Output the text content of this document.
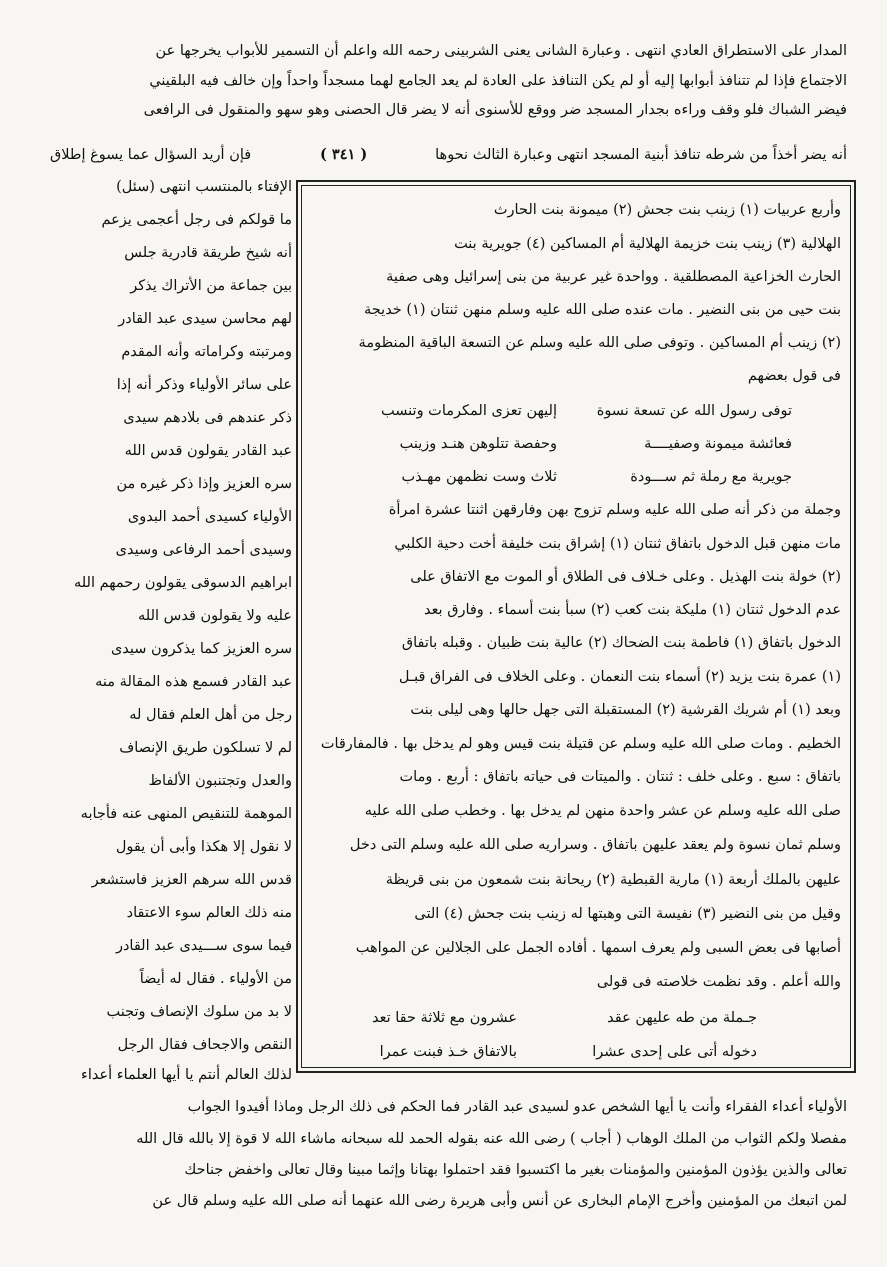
المدار على الاستطراق العادي انتهى . وعبارة الشانى يعنى الشربينى رحمه الله واعلم أن التسمير للأبواب يخرجها عن
الاجتماع فإذا لم تتنافذ أبوابها إليه أو لم يكن التنافذ على العادة لم يعد الجامع لهما مسجداً واحداً وإن خالف فيه البلقيني
فيضر الشباك فلو وقف وراءه بجدار المسجد ضر ووقع للأسنوى أنه لا يضر قال الحصنى وهو سهو والمنقول فى الرافعى
أنه يضر أخذاً من شرطه تنافذ أبنية المسجد انتهى وعبارة الثالث نحوها
( ٣٤١ )
فإن أريد السؤال عما يسوغ إطلاق
وأربع عربيات (١) زينب بنت جحش (٢) ميمونة بنت الحارث
الهلالية (٣) زينب بنت خزيمة الهلالية أم المساكين (٤) جويرية بنت
الحارث الخزاعية المصطلقية . وواحدة غير عربية من بنى إسرائيل وهى صفية
بنت حيى من بنى النضير . مات عنده صلى الله عليه وسلم منهن ثنتان (١) خديجة
(٢) زينب أم المساكين . وتوفى صلى الله عليه وسلم عن التسعة الباقية المنظومة
فى قول بعضهم
توفى رسول الله عن تسعة نسوة
إليهن تعزى المكرمات وتنسب
فعائشة ميمونة وصفيــــة
وحفصة تتلوهن هنـد وزينب
جويرية مع رملة ثم ســـودة
ثلاث وست نظمهن مهـذب
وجملة من ذكر أنه صلى الله عليه وسلم تزوج بهن وفارقهن اثنتا عشرة امرأة
مات منهن قبل الدخول باتفاق ثنتان (١) إشراق بنت خليفة أخت دحية الكلبي
(٢) خولة بنت الهذيل . وعلى خـلاف فى الطلاق أو الموت مع الاتفاق على
عدم الدخول ثنتان (١) مليكة بنت كعب (٢) سبأ بنت أسماء . وفارق بعد
الدخول باتفاق (١) فاطمة بنت الضحاك (٢) عالية بنت ظبيان . وقبله باتفاق
(١) عمرة بنت يزيد (٢) أسماء بنت النعمان . وعلى الخلاف فى الفراق قبـل
وبعد (١) أم شريك القرشية (٢) المستقبلة التى جهل حالها وهى ليلى بنت
الخطيم . ومات صلى الله عليه وسلم عن قتيلة بنت قيس وهو لم يدخل بها . فالمفارقات
باتفاق : سبع . وعلى خلف : ثنتان . والميتات فى حياته باتفاق : أربع . ومات
صلى الله عليه وسلم عن عشر واحدة منهن لم يدخل بها . وخطب صلى الله عليه
وسلم ثمان نسوة ولم يعقد عليهن باتفاق . وسراريه صلى الله عليه وسلم التى دخل
عليهن بالملك أربعة (١) مارية القبطية (٢) ريحانة بنت شمعون من بنى قريظة
وقيل من بنى النضير (٣) نفيسة التى وهبتها له زينب بنت جحش (٤) التى
أصابها فى بعض السبى ولم يعرف اسمها . أفاده الجمل على الجلالين عن المواهب
والله أعلم . وقد نظمت خلاصته فى قولى
جـملة من طه عليهن عقد
عشرون مع ثلاثة حقا تعد
دخوله أتى على إحدى عشرا
بالاتفاق خـذ فبنت عمرا
الإفتاء بالمنتسب انتهى (سئل)
ما قولكم فى رجل أعجمى يزعم
أنه شيخ طريقة قادرية جلس
بين جماعة من الأتراك يذكر
لهم محاسن سيدى عبد القادر
ومرتبته وكراماته وأنه المقدم
على سائر الأولياء وذكر أنه إذا
ذكر عندهم فى بلادهم سيدى
عبد القادر يقولون قدس الله
سره العزيز وإذا ذكر غيره من
الأولياء كسيدى أحمد البدوى
وسيدى أحمد الرفاعى وسيدى
ابراهيم الدسوقى يقولون رحمهم الله
عليه ولا يقولون قدس الله
سره العزيز كما يذكرون سيدى
عبد القادر فسمع هذه المقالة منه
رجل من أهل العلم فقال له
لم لا تسلكون طريق الإنصاف
والعدل وتجتنبون الألفاظ
الموهمة للتنقيص المنهى عنه فأجابه
لا نقول إلا هكذا وأبى أن يقول
قدس الله سرهم العزيز فاستشعر
منه ذلك العالم سوء الاعتقاد
فيما سوى ســـيدى عبد القادر
من الأولياء . فقال له أيضاً
لا بد من سلوك الإنصاف وتجنب
النقص والاجحاف فقال الرجل
لذلك العالم أنتم يا أيها العلماء أعداء
الأولياء أعداء الفقراء وأنت يا أيها الشخص عدو لسيدى عبد القادر فما الحكم فى ذلك الرجل وماذا أفيدوا الجواب
مفصلا ولكم الثواب من الملك الوهاب ( أجاب ) رضى الله عنه بقوله الحمد لله سبحانه ماشاء الله لا قوة إلا بالله قال الله
تعالى والذين يؤذون المؤمنين والمؤمنات بغير ما اكتسبوا فقد احتملوا بهتانا وإثما مبينا وقال تعالى واخفض جناحك
لمن اتبعك من المؤمنين وأخرج الإمام البخارى عن أنس وأبى هريرة رضى الله عنهما أنه صلى الله عليه وسلم قال عن
